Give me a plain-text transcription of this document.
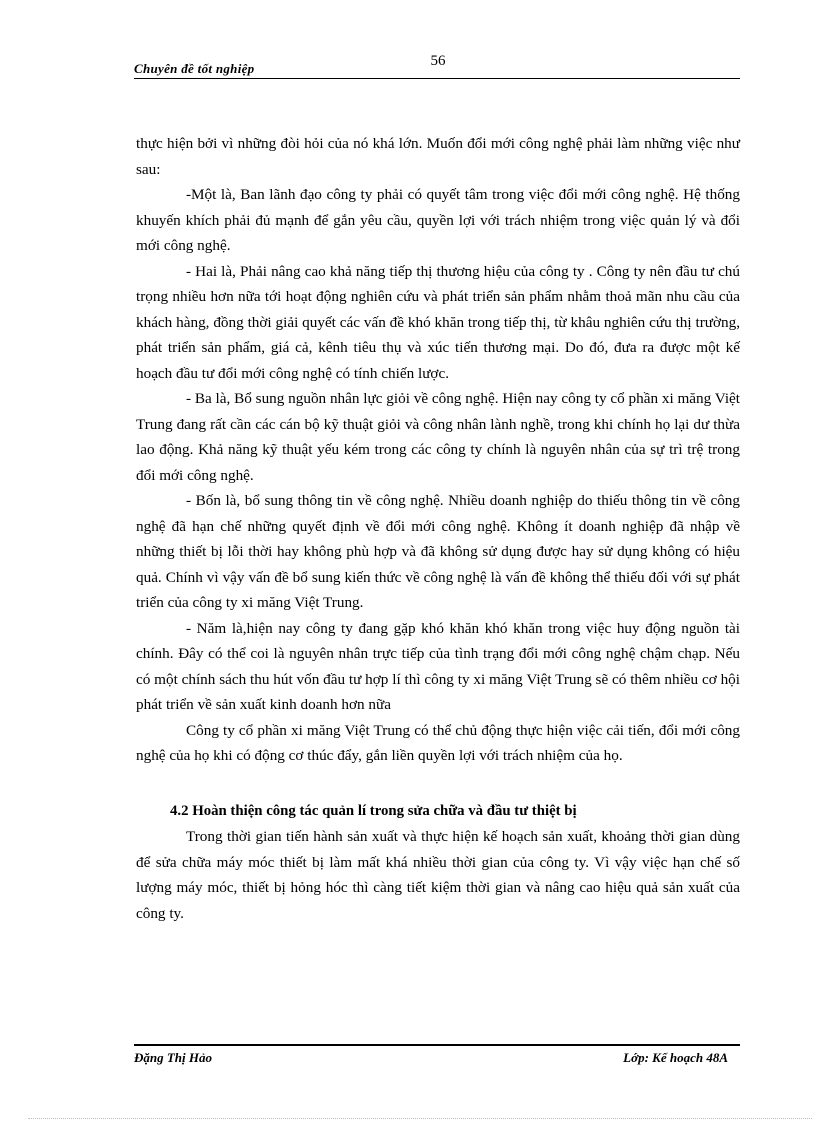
56
Chuyên đề tốt nghiệp

thực hiện bởi vì những đòi hỏi của nó khá lớn. Muốn đổi mới công nghệ phải làm những việc như sau:

-Một là, Ban lãnh đạo công ty phải có quyết tâm trong việc đổi mới công nghệ. Hệ thống khuyến khích phải đủ mạnh để gắn yêu cầu, quyền lợi với trách nhiệm trong việc quản lý và đổi mới công nghệ.

- Hai là, Phải nâng cao khả năng tiếp thị thương hiệu của công ty . Công ty nên đầu tư chú trọng nhiều hơn nữa tới hoạt động nghiên cứu và phát triển sản phẩm nhằm thoả mãn nhu cầu của khách hàng, đồng thời giải quyết các vấn đề khó khăn trong tiếp thị, từ khâu nghiên cứu thị trường, phát triển sản phẩm, giá cả, kênh tiêu thụ và xúc tiến thương mại. Do đó, đưa ra được một kế hoạch đầu tư đổi mới công nghệ có tính chiến lược.

- Ba là, Bổ sung nguồn nhân lực giỏi về công nghệ. Hiện nay công ty cổ phần xi măng Việt Trung đang rất cần các cán bộ kỹ thuật giỏi và công nhân lành nghề, trong khi chính họ lại dư thừa lao động. Khả năng kỹ thuật yếu kém trong các công ty chính là nguyên nhân của sự trì trệ trong đổi mới công nghệ.

- Bốn là, bổ sung thông tin về công nghệ. Nhiều doanh nghiệp do thiếu thông tin về công nghệ đã hạn chế những quyết định về đổi mới công nghệ. Không ít doanh nghiệp đã nhập về những thiết bị lỗi thời hay không phù hợp và đã không sử dụng được hay sử dụng không có hiệu quả. Chính vì vậy vấn đề bổ sung kiến thức về công nghệ là vấn đề không thể thiếu đối với sự phát triển của công ty xi măng Việt Trung.

- Năm là,hiện nay công ty đang gặp khó khăn khó khăn trong việc huy động nguồn tài chính. Đây có thể coi là nguyên nhân trực tiếp của tình trạng đổi mới công nghệ chậm chạp. Nếu có một chính sách thu hút vốn đầu tư hợp lí thì công ty xi măng Việt Trung sẽ có thêm nhiều cơ hội phát triển về sản xuất kinh doanh hơn nữa

Công ty cổ phần xi măng Việt Trung có thể chủ động thực hiện việc cải tiến, đổi mới công nghệ của họ khi có động cơ thúc đẩy, gắn liền quyền lợi với trách nhiệm của họ.

4.2 Hoàn thiện công tác quản lí trong sửa chữa và đầu tư thiệt bị

Trong thời gian tiến hành sản xuất và thực hiện kế hoạch sản xuất, khoảng thời gian dùng để sửa chữa máy móc thiết bị làm mất khá nhiều thời gian của công ty. Vì vậy việc hạn chế số lượng máy móc, thiết bị hỏng hóc thì càng tiết kiệm thời gian và nâng cao hiệu quả sản xuất của công ty.

Đặng Thị Hảo	Lớp: Kế hoạch 48A
